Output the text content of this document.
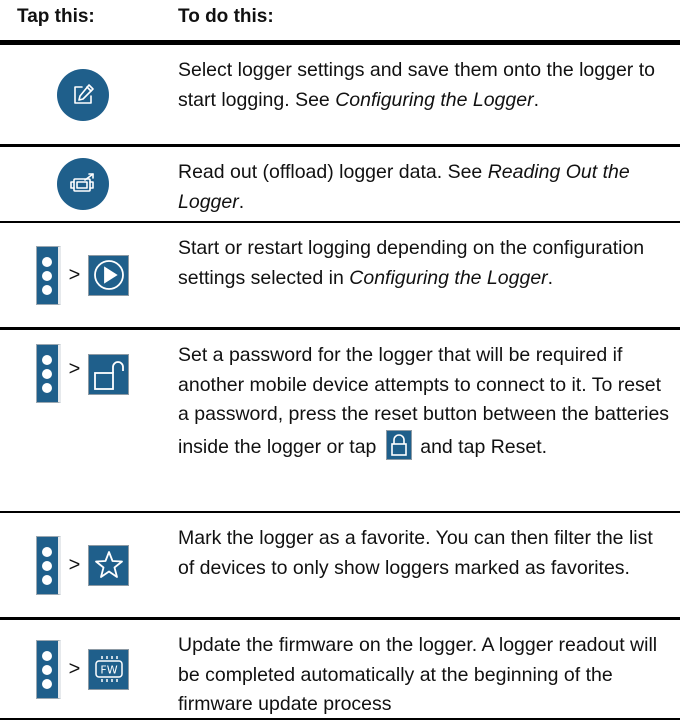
Tap this:	To do this:
Select logger settings and save them onto the logger to start logging. See Configuring the Logger.
Read out (offload) logger data. See Reading Out the Logger.
>
Start or restart logging depending on the configuration settings selected in Configuring the Logger.
>
Set a password for the logger that will be required if another mobile device attempts to connect to it. To reset a password, press the reset button between the batteries inside the logger or tap and tap Reset.
>
Mark the logger as a favorite. You can then filter the list of devices to only show loggers marked as favorites.
> FW
Update the firmware on the logger. A logger readout will be completed automatically at the beginning of the firmware update process
